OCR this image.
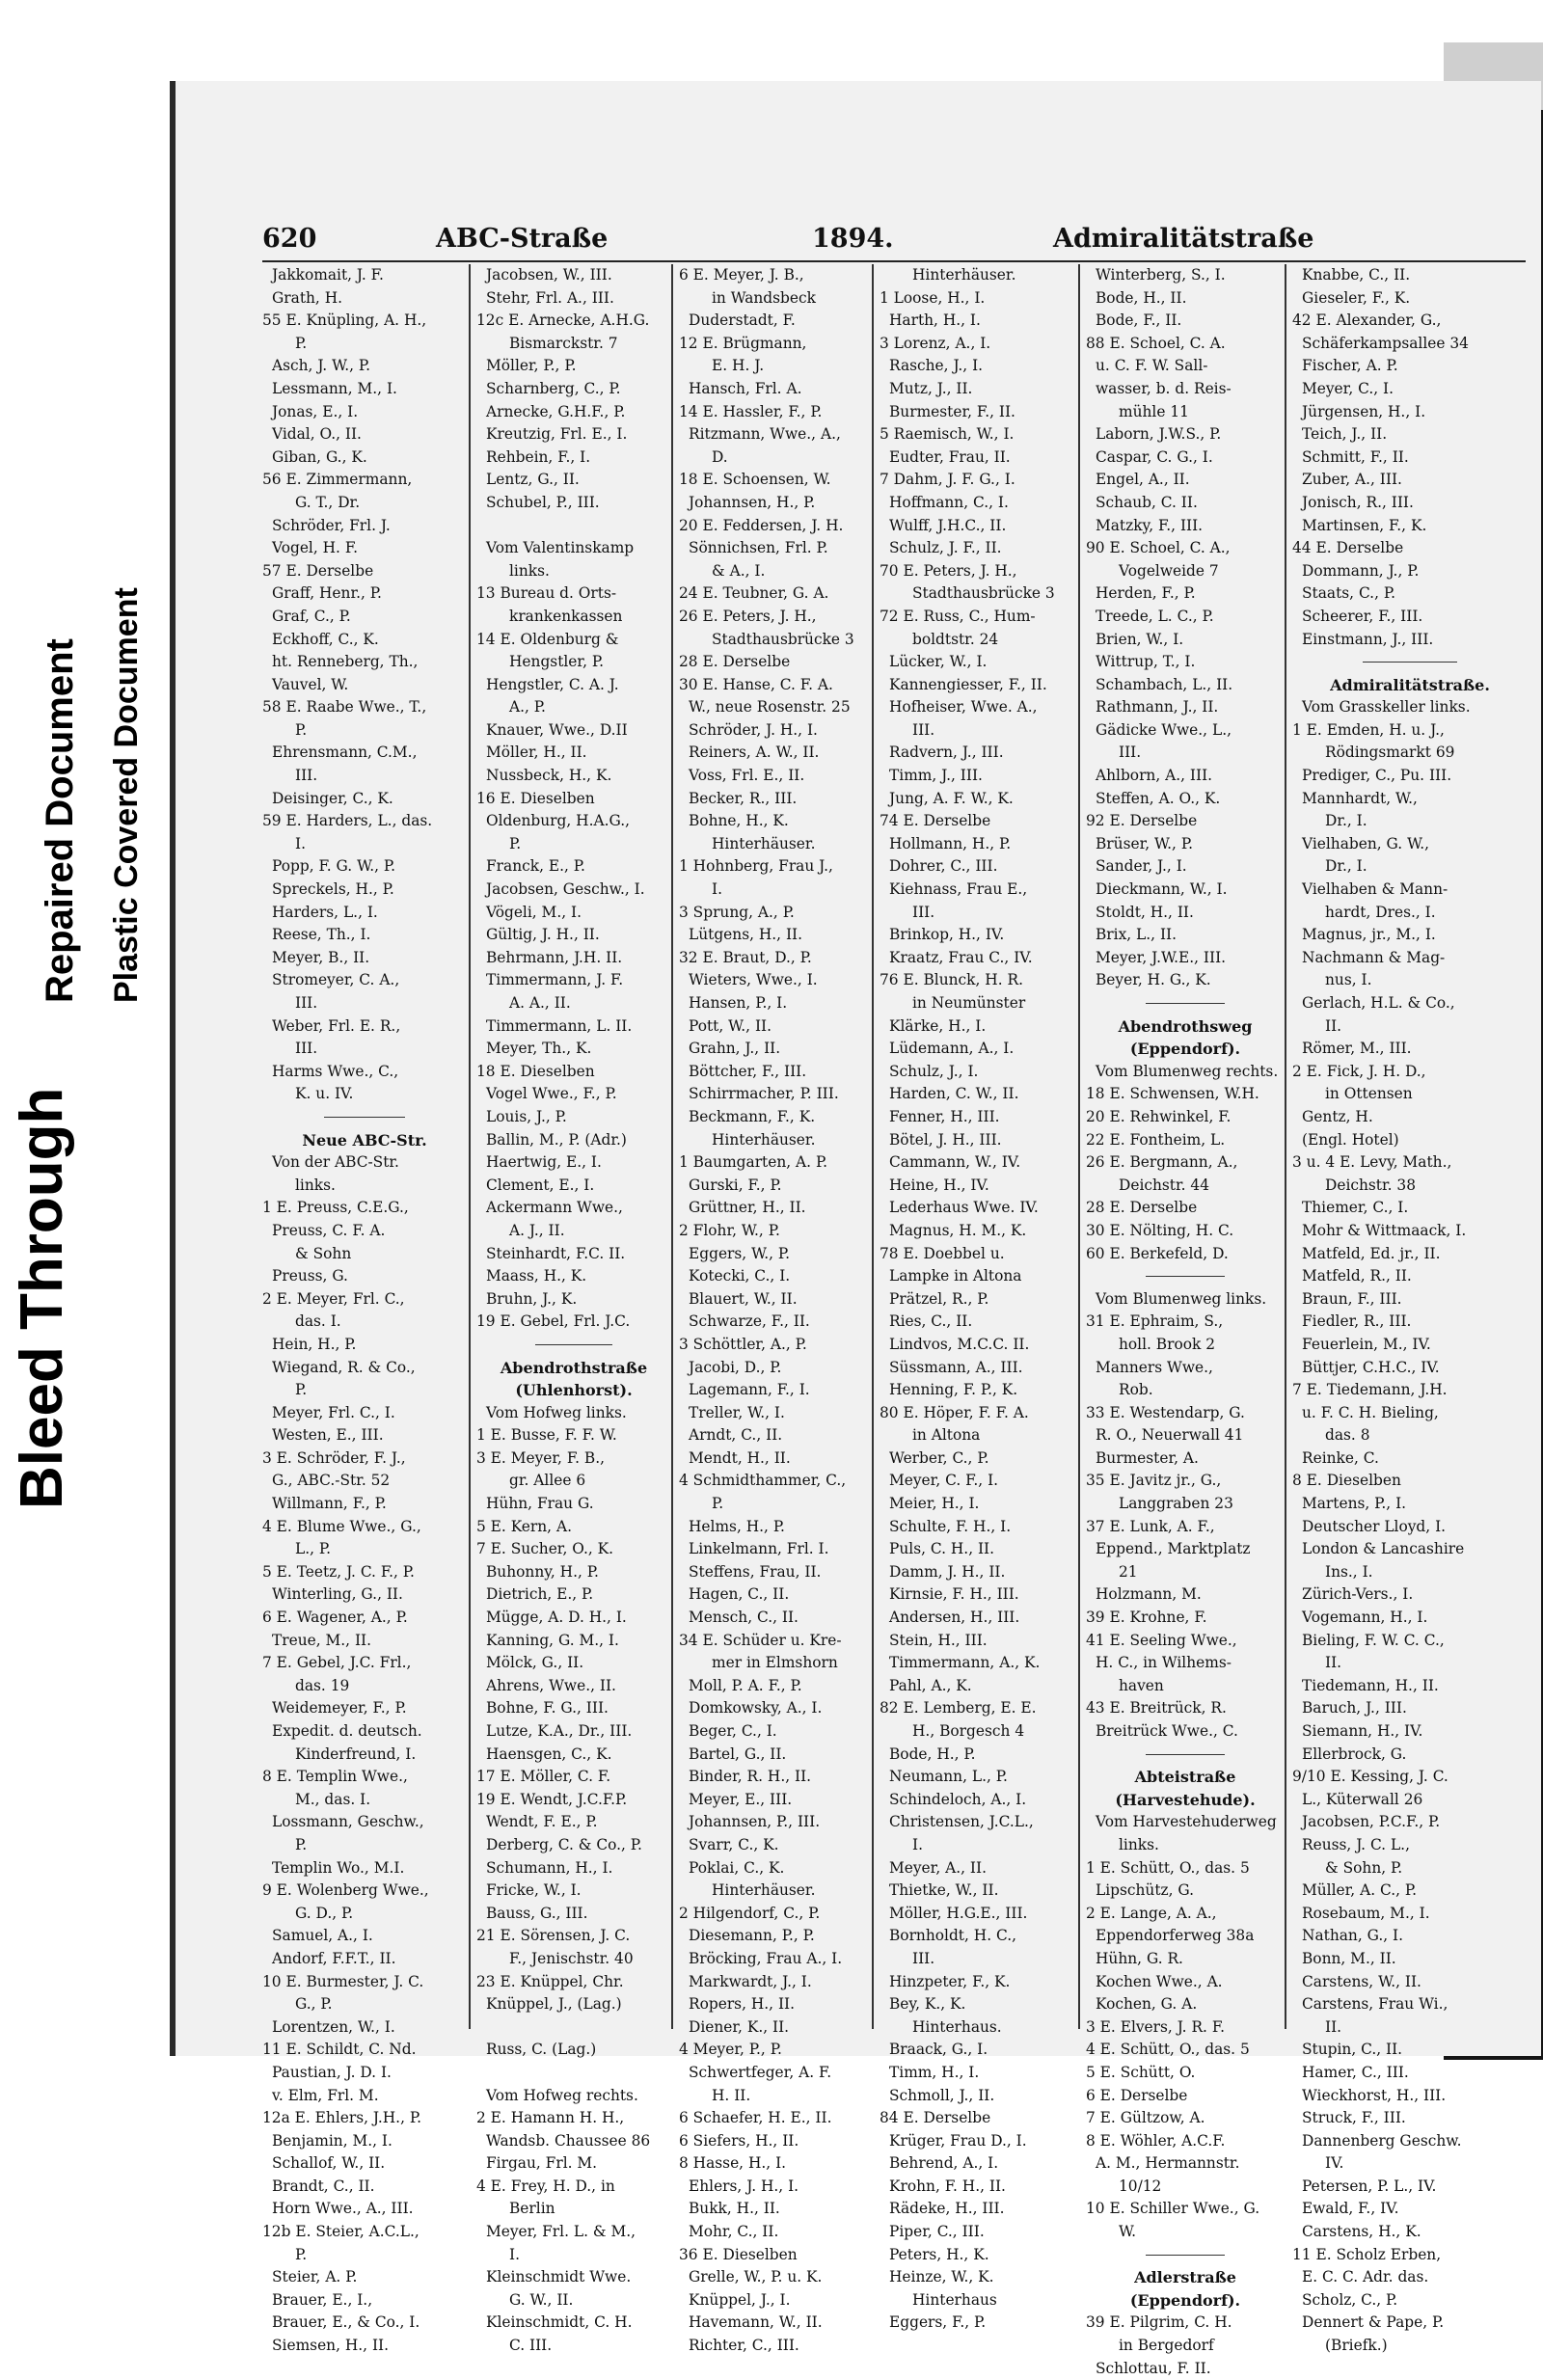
Bleed Through
Repaired Document Plastic Covered Document
620	ABC-Straße	1894.	Admiralitätstraße
Jakkomait, J. F.
Grath, H.
55 E. Knüpling, A. H.,
P.
Asch, J. W., P.
Lessmann, M., I.
Jonas, E., I.
Vidal, O., II.
Giban, G., K.
56 E. Zimmermann,
G. T., Dr.
Schröder, Frl. J.
Vogel, H. F.
57 E. Derselbe
Graff, Henr., P.
Graf, C., P.
Eckhoff, C., K.
ht. Renneberg, Th.,
Vauvel, W.
58 E. Raabe Wwe., T.,
P.
Ehrensmann, C.M.,
III.
Deisinger, C., K.
59 E. Harders, L., das.
I.
Popp, F. G. W., P.
Spreckels, H., P.
Harders, L., I.
Reese, Th., I.
Meyer, B., II.
Stromeyer, C. A.,
III.
Weber, Frl. E. R.,
III.
Harms Wwe., C.,
K. u. IV.
Neue ABC-Str.
Von der ABC-Str.
links.
1 E. Preuss, C.E.G.,
Preuss, C. F. A.
& Sohn
Preuss, G.
2 E. Meyer, Frl. C.,
das. I.
Hein, H., P.
Wiegand, R. & Co.,
P.
Meyer, Frl. C., I.
Westen, E., III.
3 E. Schröder, F. J.,
G., ABC.-Str. 52
Willmann, F., P.
4 E. Blume Wwe., G.,
L., P.
5 E. Teetz, J. C. F., P.
Winterling, G., II.
6 E. Wagener, A., P.
Treue, M., II.
7 E. Gebel, J.C. Frl.,
das. 19
Weidemeyer, F., P.
Expedit. d. deutsch.
Kinderfreund, I.
8 E. Templin Wwe.,
M., das. I.
Lossmann, Geschw.,
P.
Templin Wo., M.I.
9 E. Wolenberg Wwe.,
G. D., P.
Samuel, A., I.
Andorf, F.F.T., II.
10 E. Burmester, J. C.
G., P.
Lorentzen, W., I.
11 E. Schildt, C. Nd.
Paustian, J. D. I.
v. Elm, Frl. M.
12a E. Ehlers, J.H., P.
Benjamin, M., I.
Schallof, W., II.
Brandt, C., II.
Horn Wwe., A., III.
12b E. Steier, A.C.L.,
P.
Steier, A. P.
Brauer, E., I.,
Brauer, E., & Co., I.
Siemsen, H., II.
Jacobsen, W., III.
Stehr, Frl. A., III.
12c E. Arnecke, A.H.G.
Bismarckstr. 7
Möller, P., P.
Scharnberg, C., P.
Arnecke, G.H.F., P.
Kreutzig, Frl. E., I.
Rehbein, F., I.
Lentz, G., II.
Schubel, P., III.
Vom Valentinskamp
links.
13 Bureau d. Orts-
krankenkassen
14 E. Oldenburg &
Hengstler, P.
Hengstler, C. A. J.
A., P.
Knauer, Wwe., D.II
Möller, H., II.
Nussbeck, H., K.
16 E. Dieselben
Oldenburg, H.A.G.,
P.
Franck, E., P.
Jacobsen, Geschw., I.
Vögeli, M., I.
Gültig, J. H., II.
Behrmann, J.H. II.
Timmermann, J. F.
A. A., II.
Timmermann, L. II.
Meyer, Th., K.
18 E. Dieselben
Vogel Wwe., F., P.
Louis, J., P.
Ballin, M., P. (Adr.)
Haertwig, E., I.
Clement, E., I.
Ackermann Wwe.,
A. J., II.
Steinhardt, F.C. II.
Maass, H., K.
Bruhn, J., K.
19 E. Gebel, Frl. J.C.
Abendrothstraße
(Uhlenhorst).
Vom Hofweg links.
1 E. Busse, F. F. W.
3 E. Meyer, F. B.,
gr. Allee 6
Hühn, Frau G.
5 E. Kern, A.
7 E. Sucher, O., K.
Buhonny, H., P.
Dietrich, E., P.
Mügge, A. D. H., I.
Kanning, G. M., I.
Mölck, G., II.
Ahrens, Wwe., II.
Bohne, F. G., III.
Lutze, K.A., Dr., III.
Haensgen, C., K.
17 E. Möller, C. F.
19 E. Wendt, J.C.F.P.
Wendt, F. E., P.
Derberg, C. & Co., P.
Schumann, H., I.
Fricke, W., I.
Bauss, G., III.
21 E. Sörensen, J. C.
F., Jenischstr. 40
23 E. Knüppel, Chr.
Knüppel, J., (Lag.)
Russ, C. (Lag.)
Vom Hofweg rechts.
2 E. Hamann H. H.,
Wandsb. Chaussee 86
Firgau, Frl. M.
4 E. Frey, H. D., in
Berlin
Meyer, Frl. L. & M.,
I.
Kleinschmidt Wwe.
G. W., II.
Kleinschmidt, C. H.
C. III.
6 E. Meyer, J. B.,
in Wandsbeck
Duderstadt, F.
12 E. Brügmann,
E. H. J.
Hansch, Frl. A.
14 E. Hassler, F., P.
Ritzmann, Wwe., A.,
D.
18 E. Schoensen, W.
Johannsen, H., P.
20 E. Feddersen, J. H.
Sönnichsen, Frl. P.
& A., I.
24 E. Teubner, G. A.
26 E. Peters, J. H.,
Stadthausbrücke 3
28 E. Derselbe
30 E. Hanse, C. F. A.
W., neue Rosenstr. 25
Schröder, J. H., I.
Reiners, A. W., II.
Voss, Frl. E., II.
Becker, R., III.
Bohne, H., K.
Hinterhäuser.
1 Hohnberg, Frau J.,
I.
3 Sprung, A., P.
Lütgens, H., II.
32 E. Braut, D., P.
Wieters, Wwe., I.
Hansen, P., I.
Pott, W., II.
Grahn, J., II.
Böttcher, F., III.
Schirrmacher, P. III.
Beckmann, F., K.
Hinterhäuser.
1 Baumgarten, A. P.
Gurski, F., P.
Grüttner, H., II.
2 Flohr, W., P.
Eggers, W., P.
Kotecki, C., I.
Blauert, W., II.
Schwarze, F., II.
3 Schöttler, A., P.
Jacobi, D., P.
Lagemann, F., I.
Treller, W., I.
Arndt, C., II.
Mendt, H., II.
4 Schmidthammer, C.,
P.
Helms, H., P.
Linkelmann, Frl. I.
Steffens, Frau, II.
Hagen, C., II.
Mensch, C., II.
34 E. Schüder u. Kre-
mer in Elmshorn
Moll, P. A. F., P.
Domkowsky, A., I.
Beger, C., I.
Bartel, G., II.
Binder, R. H., II.
Meyer, E., III.
Johannsen, P., III.
Svarr, C., K.
Poklai, C., K.
Hinterhäuser.
2 Hilgendorf, C., P.
Diesemann, P., P.
Bröcking, Frau A., I.
Markwardt, J., I.
Ropers, H., II.
Diener, K., II.
4 Meyer, P., P.
Schwertfeger, A. F.
H. II.
6 Schaefer, H. E., II.
6 Siefers, H., II.
8 Hasse, H., I.
Ehlers, J. H., I.
Bukk, H., II.
Mohr, C., II.
36 E. Dieselben
Grelle, W., P. u. K.
Knüppel, J., I.
Havemann, W., II.
Richter, C., III.
Hinterhäuser.
1 Loose, H., I.
Harth, H., I.
3 Lorenz, A., I.
Rasche, J., I.
Mutz, J., II.
Burmester, F., II.
5 Raemisch, W., I.
Eudter, Frau, II.
7 Dahm, J. F. G., I.
Hoffmann, C., I.
Wulff, J.H.C., II.
Schulz, J. F., II.
70 E. Peters, J. H.,
Stadthausbrücke 3
72 E. Russ, C., Hum-
boldtstr. 24
Lücker, W., I.
Kannengiesser, F., II.
Hofheiser, Wwe. A.,
III.
Radvern, J., III.
Timm, J., III.
Jung, A. F. W., K.
74 E. Derselbe
Hollmann, H., P.
Dohrer, C., III.
Kiehnass, Frau E.,
III.
Brinkop, H., IV.
Kraatz, Frau C., IV.
76 E. Blunck, H. R.
in Neumünster
Klärke, H., I.
Lüdemann, A., I.
Schulz, J., I.
Harden, C. W., II.
Fenner, H., III.
Bötel, J. H., III.
Cammann, W., IV.
Heine, H., IV.
Lederhaus Wwe. IV.
Magnus, H. M., K.
78 E. Doebbel u.
Lampke in Altona
Prätzel, R., P.
Ries, C., II.
Lindvos, M.C.C. II.
Süssmann, A., III.
Henning, F. P., K.
80 E. Höper, F. F. A.
in Altona
Werber, C., P.
Meyer, C. F., I.
Meier, H., I.
Schulte, F. H., I.
Puls, C. H., II.
Damm, J. H., II.
Kirnsie, F. H., III.
Andersen, H., III.
Stein, H., III.
Timmermann, A., K.
Pahl, A., K.
82 E. Lemberg, E. E.
H., Borgesch 4
Bode, H., P.
Neumann, L., P.
Schindeloch, A., I.
Christensen, J.C.L.,
I.
Meyer, A., II.
Thietke, W., II.
Möller, H.G.E., III.
Bornholdt, H. C.,
III.
Hinzpeter, F., K.
Bey, K., K.
Hinterhaus.
Braack, G., I.
Timm, H., I.
Schmoll, J., II.
84 E. Derselbe
Krüger, Frau D., I.
Behrend, A., I.
Krohn, F. H., II.
Rädeke, H., III.
Piper, C., III.
Peters, H., K.
Heinze, W., K.
Hinterhaus
Eggers, F., P.
Winterberg, S., I.
Bode, H., II.
Bode, F., II.
88 E. Schoel, C. A.
u. C. F. W. Sall-
wasser, b. d. Reis-
mühle 11
Laborn, J.W.S., P.
Caspar, C. G., I.
Engel, A., II.
Schaub, C. II.
Matzky, F., III.
90 E. Schoel, C. A.,
Vogelweide 7
Herden, F., P.
Treede, L. C., P.
Brien, W., I.
Wittrup, T., I.
Schambach, L., II.
Rathmann, J., II.
Gädicke Wwe., L.,
III.
Ahlborn, A., III.
Steffen, A. O., K.
92 E. Derselbe
Brüser, W., P.
Sander, J., I.
Dieckmann, W., I.
Stoldt, H., II.
Brix, L., II.
Meyer, J.W.E., III.
Beyer, H. G., K.
Abendrothsweg
(Eppendorf).
Vom Blumenweg rechts.
18 E. Schwensen, W.H.
20 E. Rehwinkel, F.
22 E. Fontheim, L.
26 E. Bergmann, A.,
Deichstr. 44
28 E. Derselbe
30 E. Nölting, H. C.
60 E. Berkefeld, D.
Vom Blumenweg links.
31 E. Ephraim, S.,
holl. Brook 2
Manners Wwe.,
Rob.
33 E. Westendarp, G.
R. O., Neuerwall 41
Burmester, A.
35 E. Javitz jr., G.,
Langgraben 23
37 E. Lunk, A. F.,
Eppend., Marktplatz
21
Holzmann, M.
39 E. Krohne, F.
41 E. Seeling Wwe.,
H. C., in Wilhems-
haven
43 E. Breitrück, R.
Breitrück Wwe., C.
Abteistraße
(Harvestehude).
Vom Harvestehuderweg
links.
1 E. Schütt, O., das. 5
Lipschütz, G.
2 E. Lange, A. A.,
Eppendorferweg 38a
Hühn, G. R.
Kochen Wwe., A.
Kochen, G. A.
3 E. Elvers, J. R. F.
4 E. Schütt, O., das. 5
5 E. Schütt, O.
6 E. Derselbe
7 E. Gültzow, A.
8 E. Wöhler, A.C.F.
A. M., Hermannstr.
10/12
10 E. Schiller Wwe., G.
W.
Adlerstraße
(Eppendorf).
39 E. Pilgrim, C. H.
in Bergedorf
Schlottau, F. II.
Knabbe, C., II.
Gieseler, F., K.
42 E. Alexander, G.,
Schäferkampsallee 34
Fischer, A. P.
Meyer, C., I.
Jürgensen, H., I.
Teich, J., II.
Schmitt, F., II.
Zuber, A., III.
Jonisch, R., III.
Martinsen, F., K.
44 E. Derselbe
Dommann, J., P.
Staats, C., P.
Scheerer, F., III.
Einstmann, J., III.
Admiralitätstraße.
Vom Grasskeller links.
1 E. Emden, H. u. J.,
Rödingsmarkt 69
Prediger, C., Pu. III.
Mannhardt, W.,
Dr., I.
Vielhaben, G. W.,
Dr., I.
Vielhaben & Mann-
hardt, Dres., I.
Magnus, jr., M., I.
Nachmann & Mag-
nus, I.
Gerlach, H.L. & Co.,
II.
Römer, M., III.
2 E. Fick, J. H. D.,
in Ottensen
Gentz, H.
(Engl. Hotel)
3 u. 4 E. Levy, Math.,
Deichstr. 38
Thiemer, C., I.
Mohr & Wittmaack, I.
Matfeld, Ed. jr., II.
Matfeld, R., II.
Braun, F., III.
Fiedler, R., III.
Feuerlein, M., IV.
Büttjer, C.H.C., IV.
7 E. Tiedemann, J.H.
u. F. C. H. Bieling,
das. 8
Reinke, C.
8 E. Dieselben
Martens, P., I.
Deutscher Lloyd, I.
London & Lancashire
Ins., I.
Zürich-Vers., I.
Vogemann, H., I.
Bieling, F. W. C. C.,
II.
Tiedemann, H., II.
Baruch, J., III.
Siemann, H., IV.
Ellerbrock, G.
9/10 E. Kessing, J. C.
L., Küterwall 26
Jacobsen, P.C.F., P.
Reuss, J. C. L.,
& Sohn, P.
Müller, A. C., P.
Rosebaum, M., I.
Nathan, G., I.
Bonn, M., II.
Carstens, W., II.
Carstens, Frau Wi.,
II.
Stupin, C., II.
Hamer, C., III.
Wieckhorst, H., III.
Struck, F., III.
Dannenberg Geschw.
IV.
Petersen, P. L., IV.
Ewald, F., IV.
Carstens, H., K.
11 E. Scholz Erben,
E. C. C. Adr. das.
Scholz, C., P.
Dennert & Pape, P.
(Briefk.)
